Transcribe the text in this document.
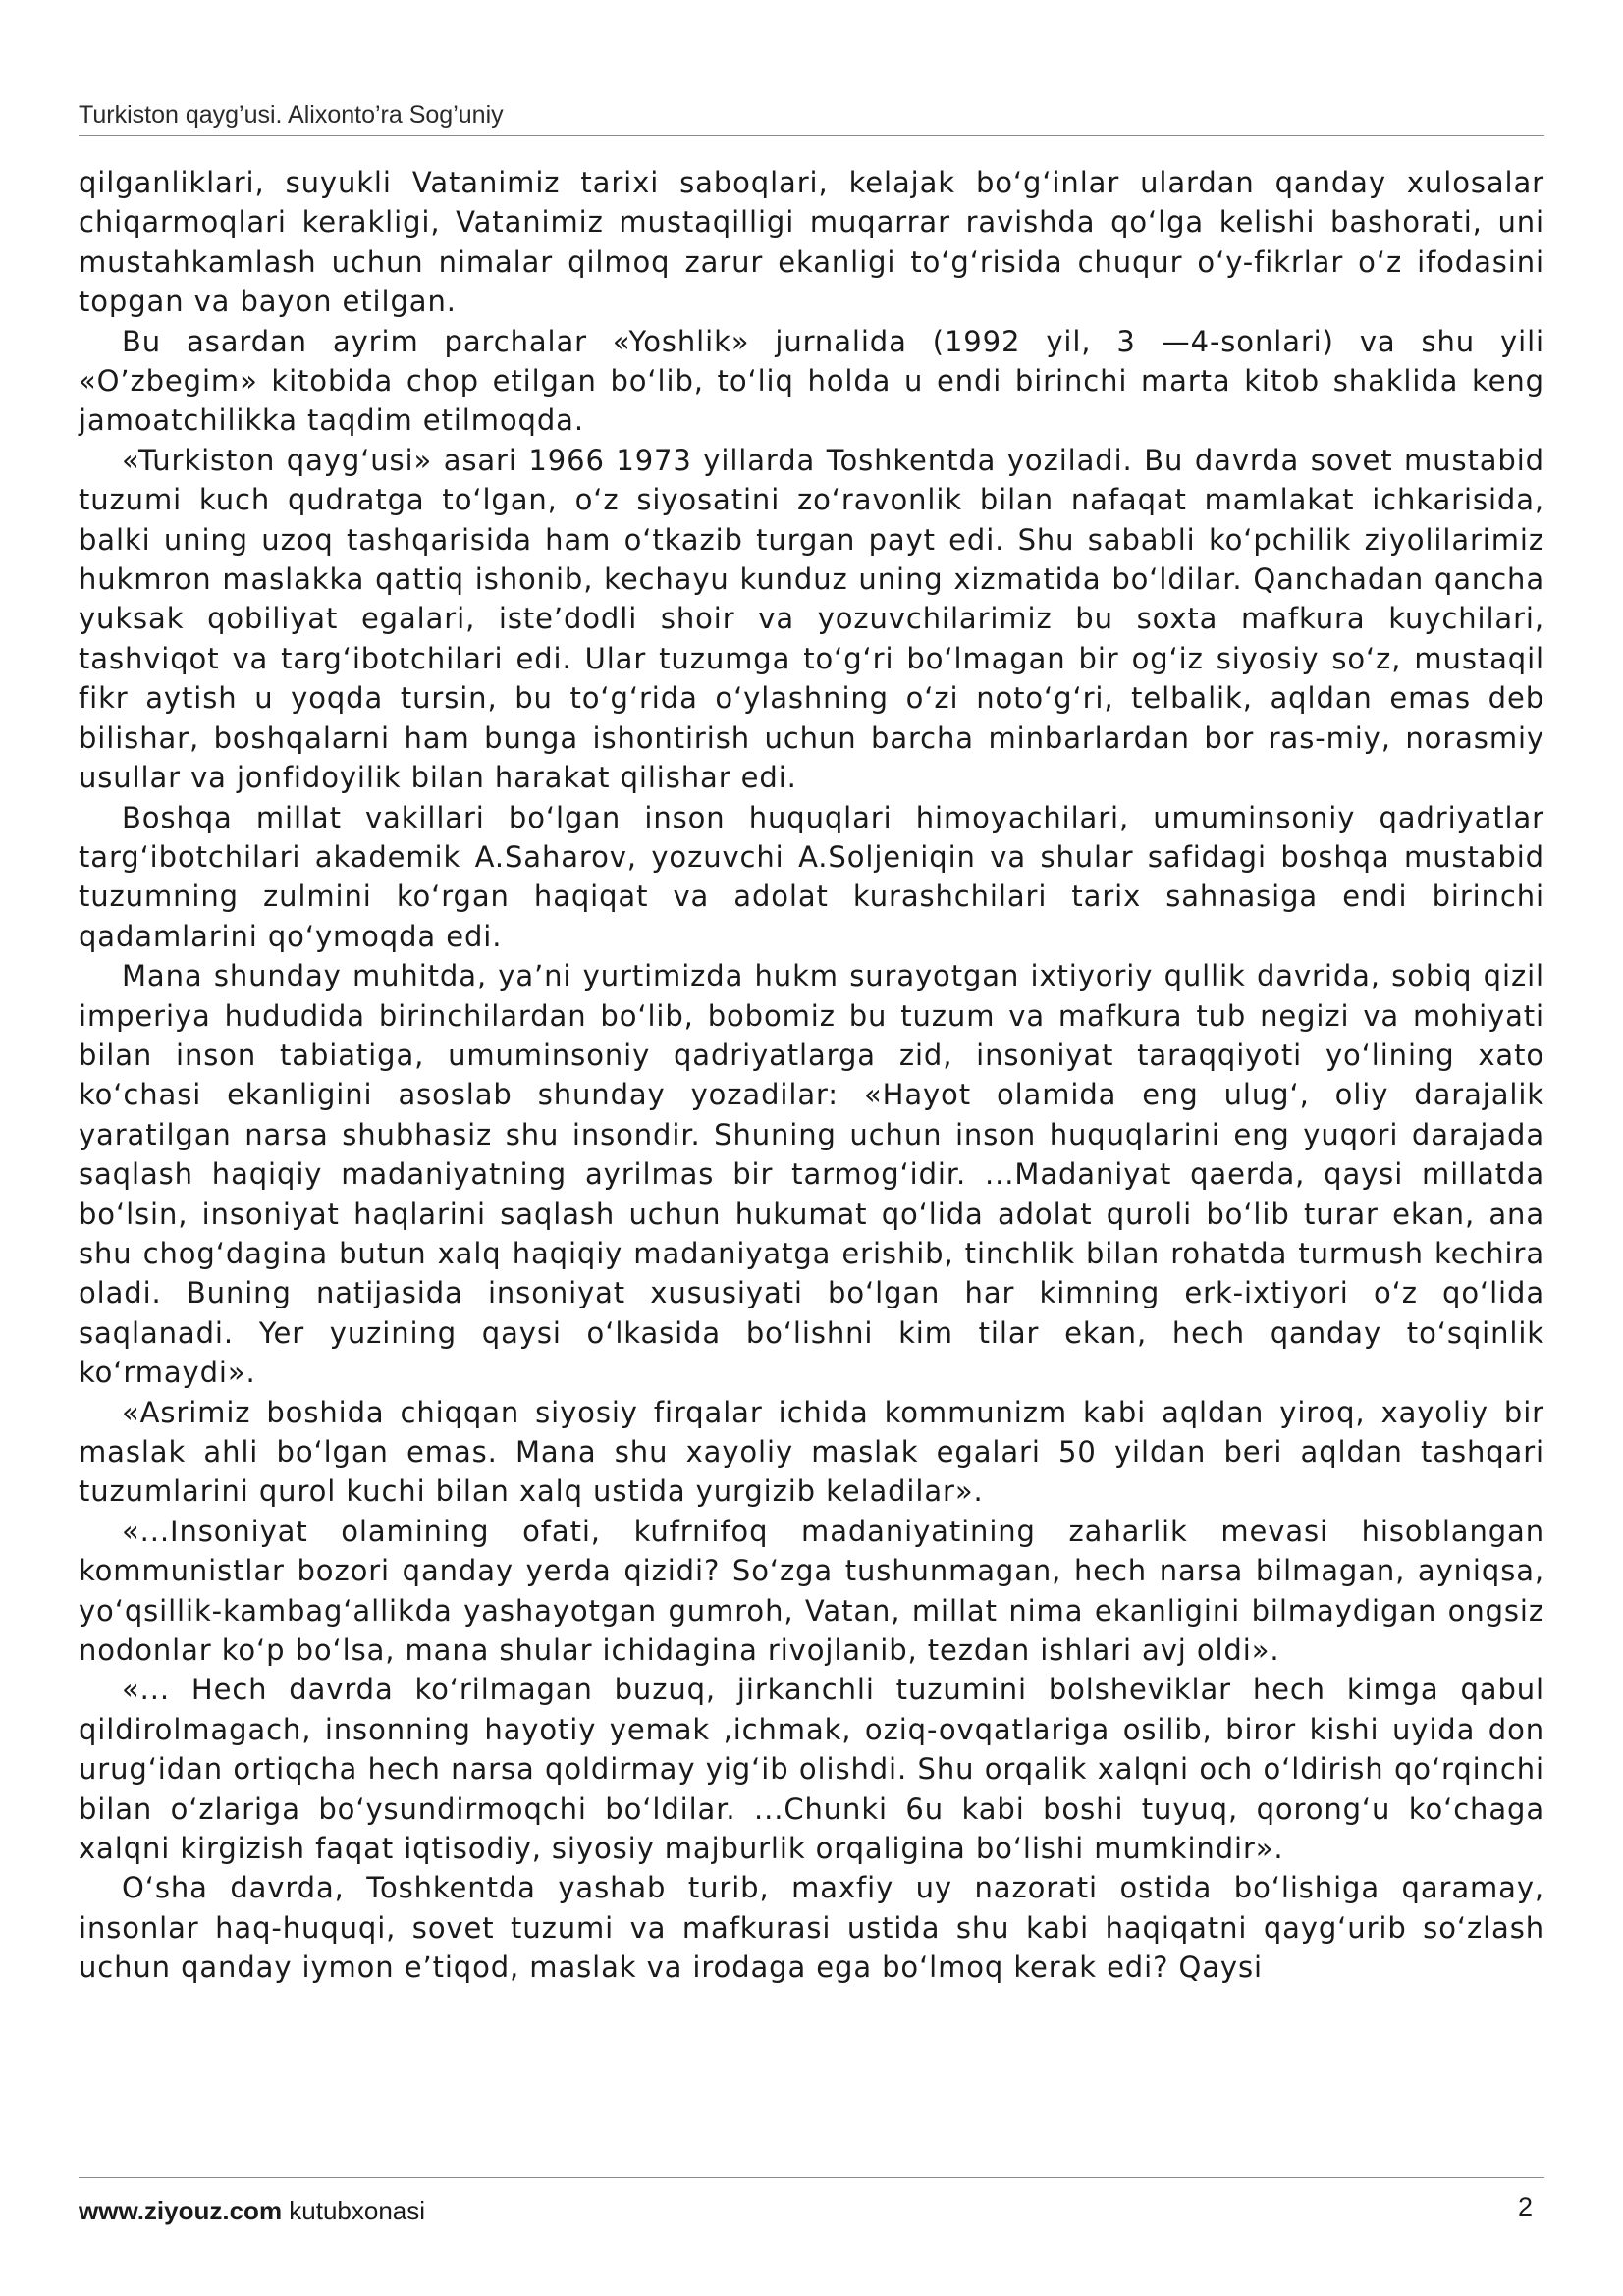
Turkiston qayg’usi. Alixonto’ra Sog’uniy

qilganliklari, suyukli Vatanimiz tarixi saboqlari, kelajak bo‘g‘inlar ulardan qanday xulosalar chiqarmoqlari kerakligi, Vatanimiz mustaqilligi muqarrar ravishda qo‘lga kelishi bashorati, uni mustahkamlash uchun nimalar qilmoq zarur ekanligi to‘g‘risida chuqur o‘y-fikrlar o‘z ifodasini topgan va bayon etilgan.

Bu asardan ayrim parchalar «Yoshlik» jurnalida (1992 yil, 3 —4-sonlari) va shu yili «O’zbegim» kitobida chop etilgan bo‘lib, to‘liq holda u endi birinchi marta kitob shaklida keng jamoatchilikka taqdim etilmoqda.

«Turkiston qayg‘usi» asari 1966 1973 yillarda Toshkentda yoziladi. Bu davrda sovet mustabid tuzumi kuch qudratga to‘lgan, o‘z siyosatini zo‘ravonlik bilan nafaqat mamlakat ichkarisida, balki uning uzoq tashqarisida ham o‘tkazib turgan payt edi. Shu sababli ko‘pchilik ziyolilarimiz hukmron maslakka qattiq ishonib, kechayu kunduz uning xizmatida bo‘ldilar. Qanchadan qancha yuksak qobiliyat egalari, iste’dodli shoir va yozuvchilarimiz bu soxta mafkura kuychilari, tashviqot va targ‘ibotchilari edi. Ular tuzumga to‘g‘ri bo‘lmagan bir og‘iz siyosiy so‘z, mustaqil fikr aytish u yoqda tursin, bu to‘g‘rida o‘ylashning o‘zi noto‘g‘ri, telbalik, aqldan emas deb bilishar, boshqalarni ham bunga ishontirish uchun barcha minbarlardan bor ras-miy, norasmiy usullar va jonfidoyilik bilan harakat qilishar edi.

Boshqa millat vakillari bo‘lgan inson huquqlari himoyachilari, umuminsoniy qadriyatlar targ‘ibotchilari akademik A.Saharov, yozuvchi A.Soljeniqin va shular safidagi boshqa mustabid tuzumning zulmini ko‘rgan haqiqat va adolat kurashchilari tarix sahnasiga endi birinchi qadamlarini qo‘ymoqda edi.

Mana shunday muhitda, ya’ni yurtimizda hukm surayotgan ixtiyoriy qullik davrida, sobiq qizil imperiya hududida birinchilardan bo‘lib, bobomiz bu tuzum va mafkura tub negizi va mohiyati bilan inson tabiatiga, umuminsoniy qadriyatlarga zid, insoniyat taraqqiyoti yo‘lining xato ko‘chasi ekanligini asoslab shunday yozadilar: «Hayot olamida eng ulug‘, oliy darajalik yaratilgan narsa shubhasiz shu insondir. Shuning uchun inson huquqlarini eng yuqori darajada saqlash haqiqiy madaniyatning ayrilmas bir tarmog‘idir. ...Madaniyat qaerda, qaysi millatda bo‘lsin, insoniyat haqlarini saqlash uchun hukumat qo‘lida adolat quroli bo‘lib turar ekan, ana shu chog‘dagina butun xalq haqiqiy madaniyatga erishib, tinchlik bilan rohatda turmush kechira oladi. Buning natijasida insoniyat xususiyati bo‘lgan har kimning erk-ixtiyori o‘z qo‘lida saqlanadi. Yer yuzining qaysi o‘lkasida bo‘lishni kim tilar ekan, hech qanday to‘sqinlik ko‘rmaydi».

«Asrimiz boshida chiqqan siyosiy firqalar ichida kommunizm kabi aqldan yiroq, xayoliy bir maslak ahli bo‘lgan emas. Mana shu xayoliy maslak egalari 50 yildan beri aqldan tashqari tuzumlarini qurol kuchi bilan xalq ustida yurgizib keladilar».

«...Insoniyat olamining ofati, kufrnifoq madaniyatining zaharlik mevasi hisoblangan kommunistlar bozori qanday yerda qizidi? So‘zga tushunmagan, hech narsa bilmagan, ayniqsa, yo‘qsillik-kambag‘allikda yashayotgan gumroh, Vatan, millat nima ekanligini bilmaydigan ongsiz nodonlar ko‘p bo‘lsa, mana shular ichidagina rivojlanib, tezdan ishlari avj oldi».

«... Hech davrda ko‘rilmagan buzuq, jirkanchli tuzumini bolsheviklar hech kimga qabul qildirolmagach, insonning hayotiy yemak ,ichmak, oziq-ovqatlariga osilib, biror kishi uyida don urug‘idan ortiqcha hech narsa qoldirmay yig‘ib olishdi. Shu orqalik xalqni och o‘ldirish qo‘rqinchi bilan o‘zlariga bo‘ysundirmoqchi bo‘ldilar. ...Chunki 6u kabi boshi tuyuq, qorong‘u ko‘chaga xalqni kirgizish faqat iqtisodiy, siyosiy majburlik orqaligina bo‘lishi mumkindir».

O‘sha davrda, Toshkentda yashab turib, maxfiy uy nazorati ostida bo‘lishiga qaramay, insonlar haq-huquqi, sovet tuzumi va mafkurasi ustida shu kabi haqiqatni qayg‘urib so‘zlash uchun qanday iymon e’tiqod, maslak va irodaga ega bo‘lmoq kerak edi? Qaysi

www.ziyouz.com kutubxonasi	2
